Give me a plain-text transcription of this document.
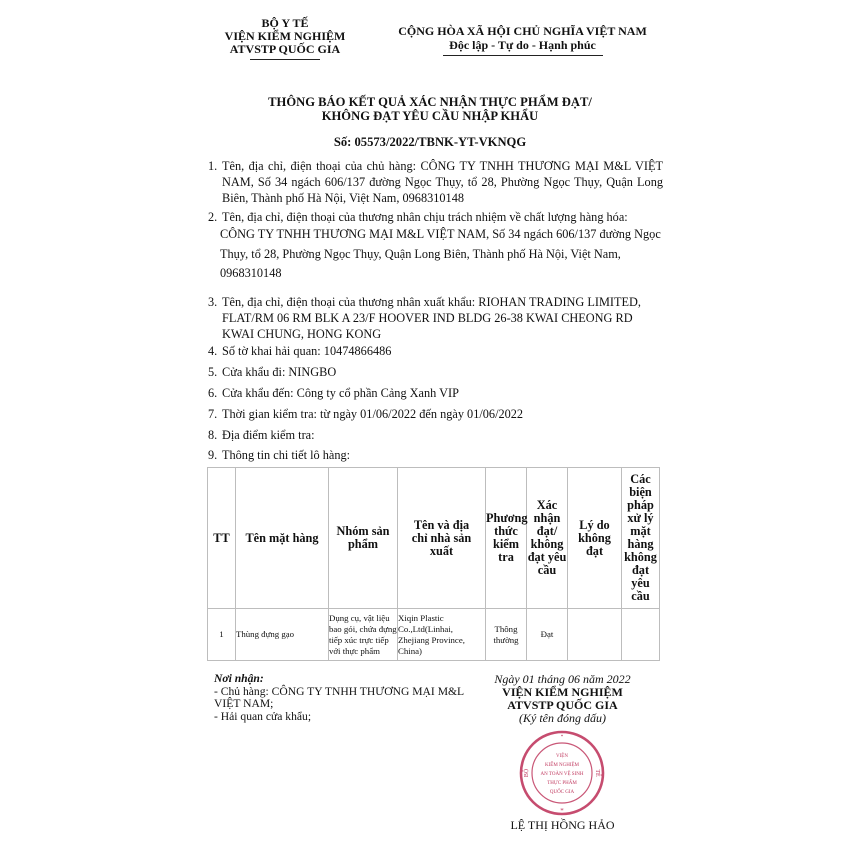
BỘ Y TẾ
VIỆN KIỂM NGHIỆM
ATVSTP QUỐC GIA
CỘNG HÒA XÃ HỘI CHỦ NGHĨA VIỆT NAM
Độc lập - Tự do - Hạnh phúc
THÔNG BÁO KẾT QUẢ XÁC NHẬN THỰC PHẨM ĐẠT/
KHÔNG ĐẠT YÊU CẦU NHẬP KHẨU
Số: 05573/2022/TBNK-YT-VKNQG
1. Tên, địa chỉ, điện thoại của chủ hàng: CÔNG TY TNHH THƯƠNG MẠI M&L VIỆT NAM, Số 34 ngách 606/137 đường Ngọc Thụy, tổ 28, Phường Ngọc Thụy, Quận Long Biên, Thành phố Hà Nội, Việt Nam, 0968310148
2. Tên, địa chỉ, điện thoại của thương nhân chịu trách nhiệm về chất lượng hàng hóa:
CÔNG TY TNHH THƯƠNG MẠI M&L VIỆT NAM, Số 34 ngách 606/137 đường Ngọc Thụy, tổ 28, Phường Ngọc Thụy, Quận Long Biên, Thành phố Hà Nội, Việt Nam, 0968310148
3. Tên, địa chỉ, điện thoại của thương nhân xuất khẩu: RIOHAN TRADING LIMITED, FLAT/RM 06 RM BLK A 23/F HOOVER IND BLDG 26-38 KWAI CHEONG RD KWAI CHUNG, HONG KONG
4. Số tờ khai hải quan: 10474866486
5. Cửa khẩu đi: NINGBO
6. Cửa khẩu đến: Công ty cổ phần Cảng Xanh VIP
7. Thời gian kiểm tra: từ ngày 01/06/2022 đến ngày 01/06/2022
8. Địa điểm kiểm tra:
9. Thông tin chi tiết lô hàng:
TT	Tên mặt hàng	Nhóm sản phẩm	Tên và địa chỉ nhà sản xuất	Phương thức kiểm tra	Xác nhận đạt/ không đạt yêu cầu	Lý do không đạt	Các biện pháp xử lý mặt hàng không đạt yêu cầu
1	Thùng đựng gạo	Dụng cụ, vật liệu bao gói, chứa đựng tiếp xúc trực tiếp với thực phẩm	Xiqin Plastic Co.,Ltd(Linhai, Zhejiang Province, China)	Thông thường	Đạt		
Nơi nhận:
- Chủ hàng: CÔNG TY TNHH THƯƠNG MẠI M&L VIỆT NAM;
- Hải quan cửa khẩu;
Ngày 01 tháng 06 năm 2022
VIỆN KIỂM NGHIỆM
ATVSTP QUỐC GIA
(Ký tên đóng dấu)
*
*
BỘ	TẾ
VIỆN
KIỂM NGHIỆM
AN TOÀN VỆ SINH
THỰC PHẨM
QUỐC GIA
LỆ THỊ HỒNG HẢO
